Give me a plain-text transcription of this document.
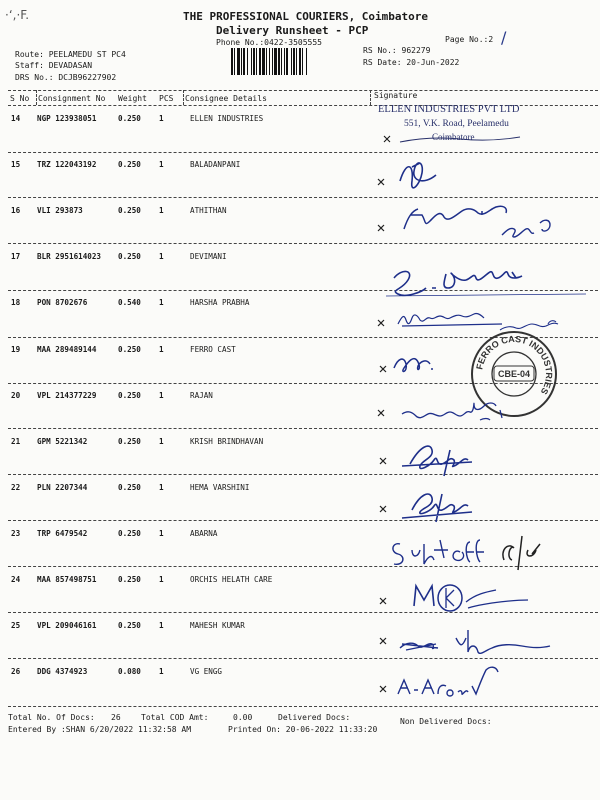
·‘,·F.	THE PROFESSIONAL COURIERS, Coimbatore
Delivery Runsheet - PCP
Phone No.:0422-3505555	Page No.:2 /
Route: PEELAMEDU ST PC4
Staff: DEVADASAN
DRS No.: DCJB96227902
RS No.: 962279
RS Date: 20-Jun-2022
S No Consignment No Weight PCS Consignee Details	Signature
14 NGP 123938051	0.250 1	ELLEN INDUSTRIES
15 TRZ 122043192	0.250 1	BALADANPANI
16 VLI 293873	0.250 1	ATHITHAN
17 BLR 2951614023 0.250 1	DEVIMANI
18 PON 8702676	0.540 1	HARSHA PRABHA
19 MAA 289489144	0.250 1	FERRO CAST
20 VPL 214377229	0.250 1	RAJAN
21 GPM 5221342	0.250 1	KRISH BRINDHAVAN
22 PLN 2207344	0.250 1	HEMA VARSHINI
23 TRP 6479542	0.250 1	ABARNA
24 MAA 857498751	0.250 1	ORCHIS HELATH CARE
25 VPL 209046161	0.250 1	MAHESH KUMAR
26 DDG 4374923	0.080 1	VG ENGG
ELLEN INDUSTRIES PVT LTD
551, V.K. Road, Peelamedu
Coimbatore
FERRO CAST INDUSTRIES
CBE-04
Total No. Of Docs: 26	Total COD Amt:	0.00	Delivered Docs:	Non Delivered Docs:
Entered By :SHAN 6/20/2022 11:32:58 AM	Printed On: 20-06-2022 11:33:20
